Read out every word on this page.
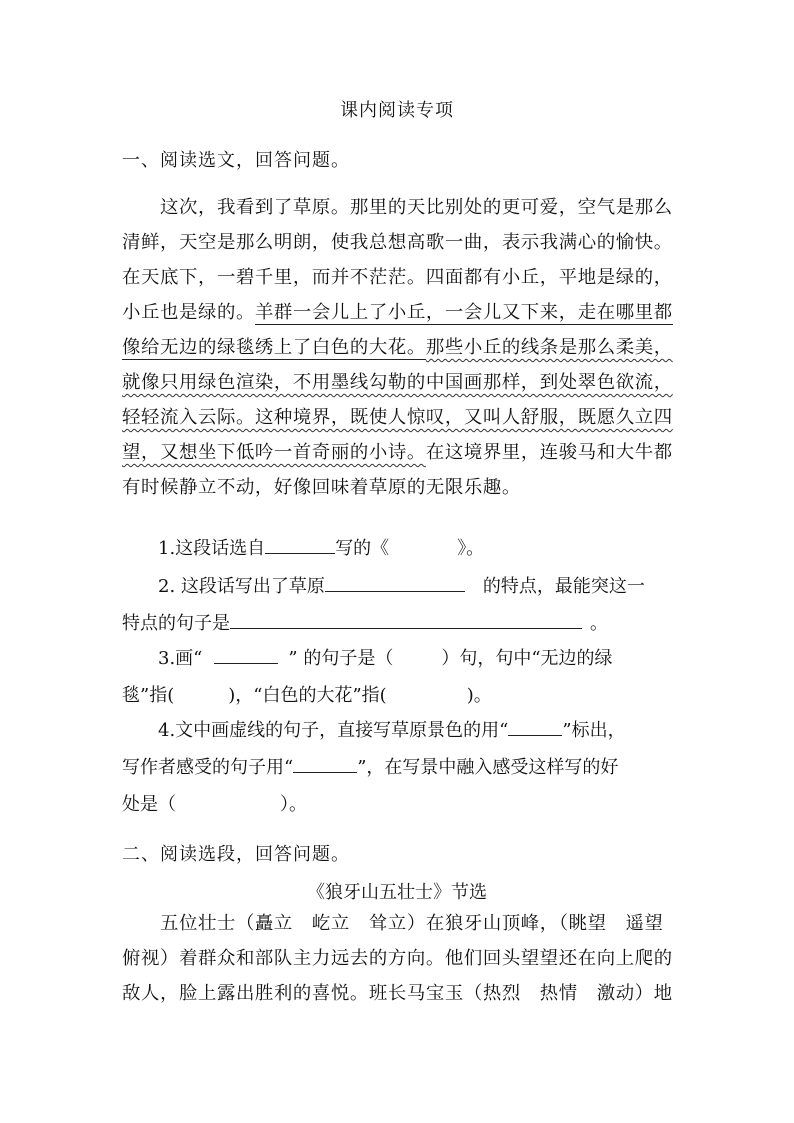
课内阅读专项
一、阅读选文，回答问题。
　　这次，我看到了草原。那里的天比别处的更可爱，空气是那么
清鲜，天空是那么明朗，使我总想高歌一曲，表示我满心的愉快。
在天底下，一碧千里，而并不茫茫。四面都有小丘，平地是绿的，
小丘也是绿的。羊群一会儿上了小丘，一会儿又下来，走在哪里都
像给无边的绿毯绣上了白色的大花。那些小丘的线条是那么柔美，
就像只用绿色渲染，不用墨线勾勒的中国画那样，到处翠色欲流，
轻轻流入云际。这种境界，既使人惊叹，又叫人舒服，既愿久立四
望，又想坐下低吟一首奇丽的小诗。在这境界里，连骏马和大牛都
有时候静立不动，好像回味着草原的无限乐趣。
1.这段话选自	写的《	》。
2. 这段话写出了草原	的特点，最能突这一
特点的句子是	。
3.画“	” 的句子是（	）句，句中“无边的绿
毯”指(	)，“白色的大花”指(	)。
4.文中画虚线的句子，直接写草原景色的用“	”标出，
写作者感受的句子用“	”，在写景中融入感受这样写的好
处是（	）。
二、阅读选段，回答问题。
《狼牙山五壮士》节选
　　五位壮士（矗立　屹立　耸立）在狼牙山顶峰，（眺望　遥望
俯视）着群众和部队主力远去的方向。他们回头望望还在向上爬的
敌人，脸上露出胜利的喜悦。班长马宝玉（热烈　热情　激动）地
